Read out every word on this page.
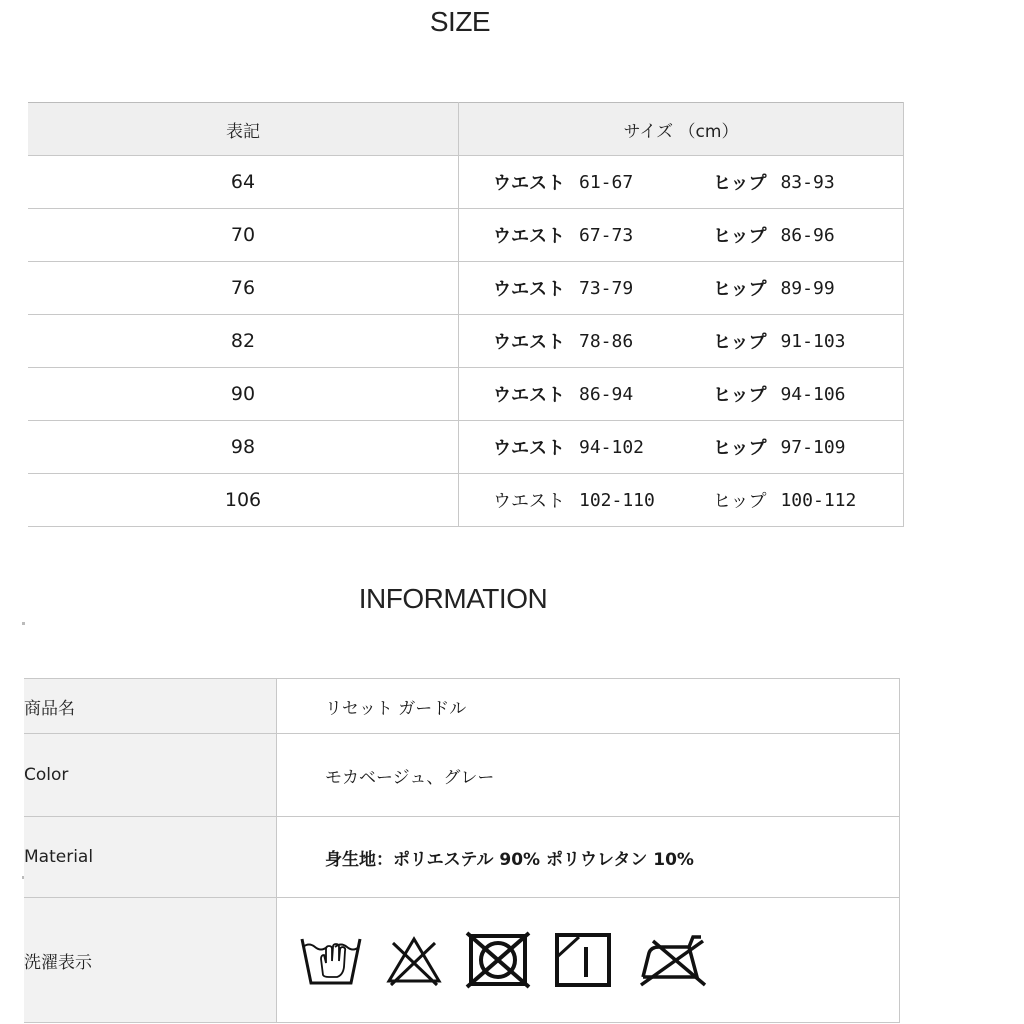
SIZE
表記	サイズ （cm）
64	ウエスト 61-67 ヒップ 83-93

70	ウエスト 67-73 ヒップ 86-96

76	ウエスト 73-79 ヒップ 89-99

82	ウエスト 78-86 ヒップ 91-103

90	ウエスト 86-94 ヒップ 94-106

98	ウエスト 94-102 ヒップ 97-109

106	ウエスト 102-110 ヒップ 100-112
INFORMATION
商品名	リセット ガードル
Color	モカベージュ、グレー
Material	身生地：ポリエステル 90% ポリウレタン 10%
洗濯表示	
